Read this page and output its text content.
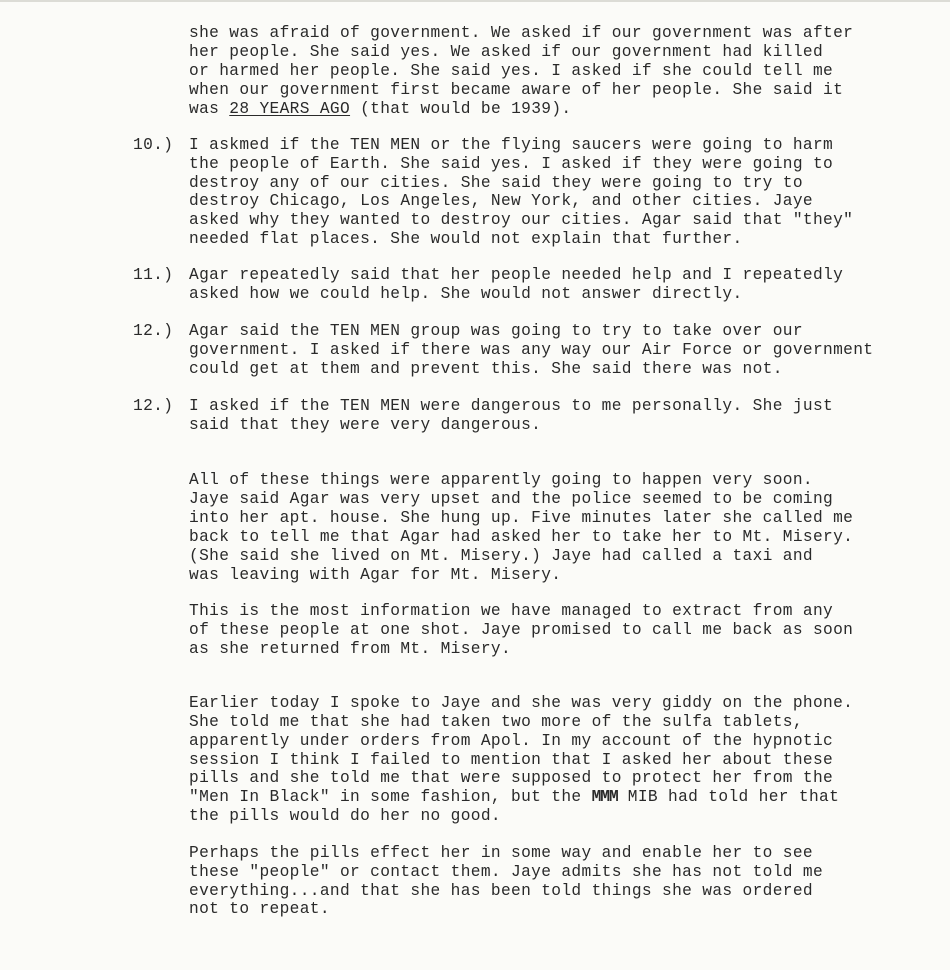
she was afraid of government. We asked if our government was after
her people. She said yes. We asked if our government had killed
or harmed her people. She said yes. I asked if she could tell me
when our government first became aware of her people. She said it
was 28 YEARS AGO (that would be 1939).
10.) I askmed if the TEN MEN or the flying saucers were going to harm
the people of Earth. She said yes. I asked if they were going to
destroy any of our cities. She said they were going to try to
destroy Chicago, Los Angeles, New York, and other cities. Jaye
asked why they wanted to destroy our cities. Agar said that "they"
needed flat places. She would not explain that further.
11.) Agar repeatedly said that her people needed help and I repeatedly
asked how we could help. She would not answer directly.
12.) Agar said the TEN MEN group was going to try to take over our
government. I asked if there was any way our Air Force or government
could get at them and prevent this. She said there was not.
12.) I asked if the TEN MEN were dangerous to me personally. She just
said that they were very dangerous.
All of these things were apparently going to happen very soon.
Jaye said Agar was very upset and the police seemed to be coming
into her apt. house. She hung up. Five minutes later she called me
back to tell me that Agar had asked her to take her to Mt. Misery.
(She said she lived on Mt. Misery.) Jaye had called a taxi and
was leaving with Agar for Mt. Misery.
This is the most information we have managed to extract from any
of these people at one shot. Jaye promised to call me back as soon
as she returned from Mt. Misery.
Earlier today I spoke to Jaye and she was very giddy on the phone.
She told me that she had taken two more of the sulfa tablets,
apparently under orders from Apol. In my account of the hypnotic
session I think I failed to mention that I asked her about these
pills and she told me that were supposed to protect her from the
"Men In Black" in some fashion, but the MMM MIB had told her that
the pills would do her no good.
Perhaps the pills effect her in some way and enable her to see
these "people" or contact them. Jaye admits she has not told me
everything...and that she has been told things she was ordered
not to repeat.
